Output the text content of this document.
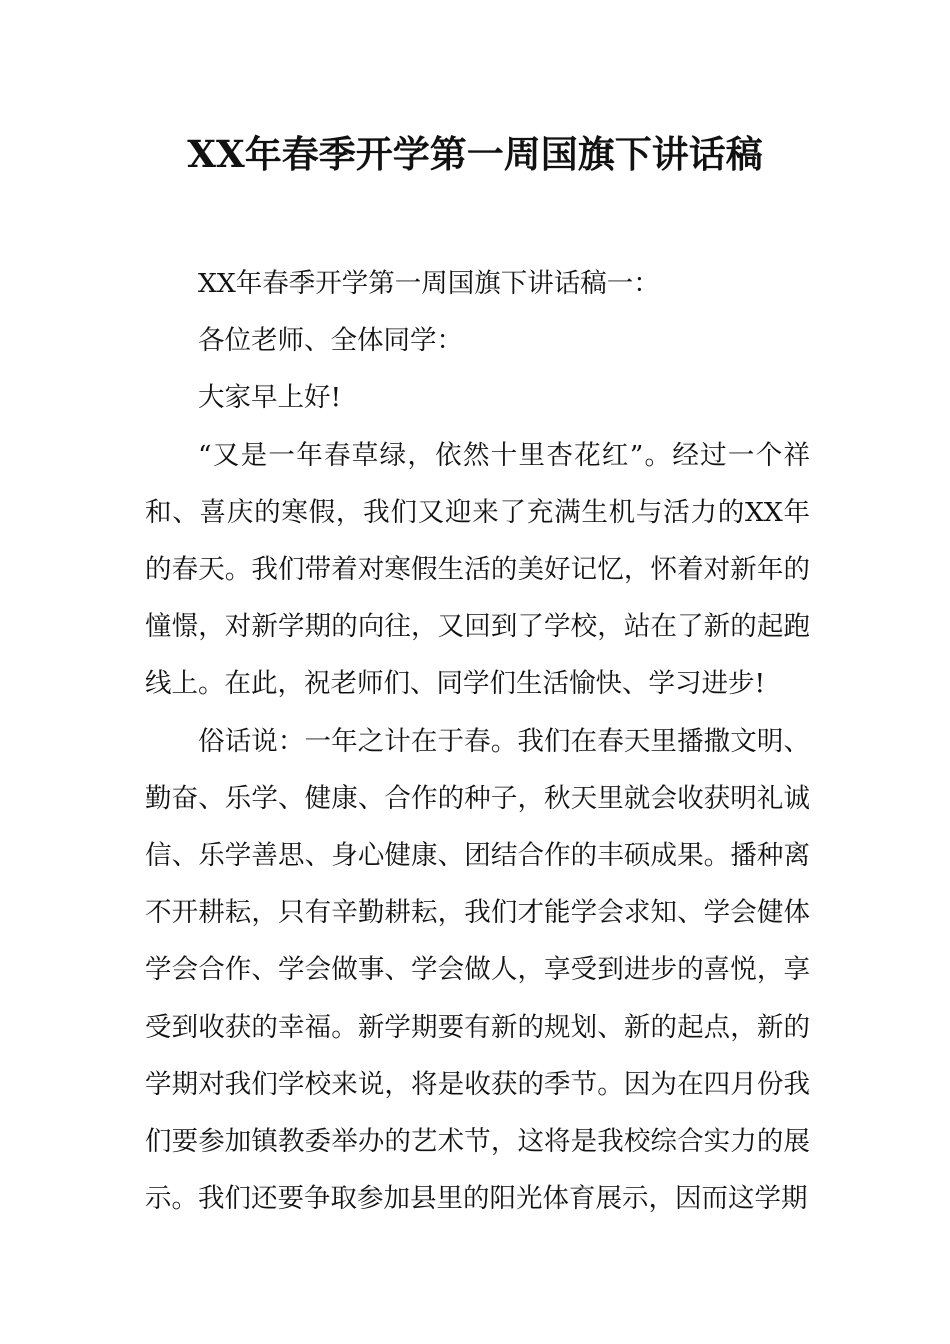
XX年春季开学第一周国旗下讲话稿

XX年春季开学第一周国旗下讲话稿一：

各位老师、全体同学：

大家早上好!

“又是一年春草绿，依然十里杏花红”。经过一个祥和、喜庆的寒假，我们又迎来了充满生机与活力的XX年的春天。我们带着对寒假生活的美好记忆，怀着对新年的憧憬，对新学期的向往，又回到了学校，站在了新的起跑线上。在此，祝老师们、同学们生活愉快、学习进步!

俗话说：一年之计在于春。我们在春天里播撒文明、勤奋、乐学、健康、合作的种子，秋天里就会收获明礼诚信、乐学善思、身心健康、团结合作的丰硕成果。播种离不开耕耘，只有辛勤耕耘，我们才能学会求知、学会健体学会合作、学会做事、学会做人，享受到进步的喜悦，享受到收获的幸福。新学期要有新的规划、新的起点，新的学期对我们学校来说，将是收获的季节。因为在四月份我们要参加镇教委举办的艺术节，这将是我校综合实力的展示。我们还要争取参加县里的阳光体育展示，因而这学期
